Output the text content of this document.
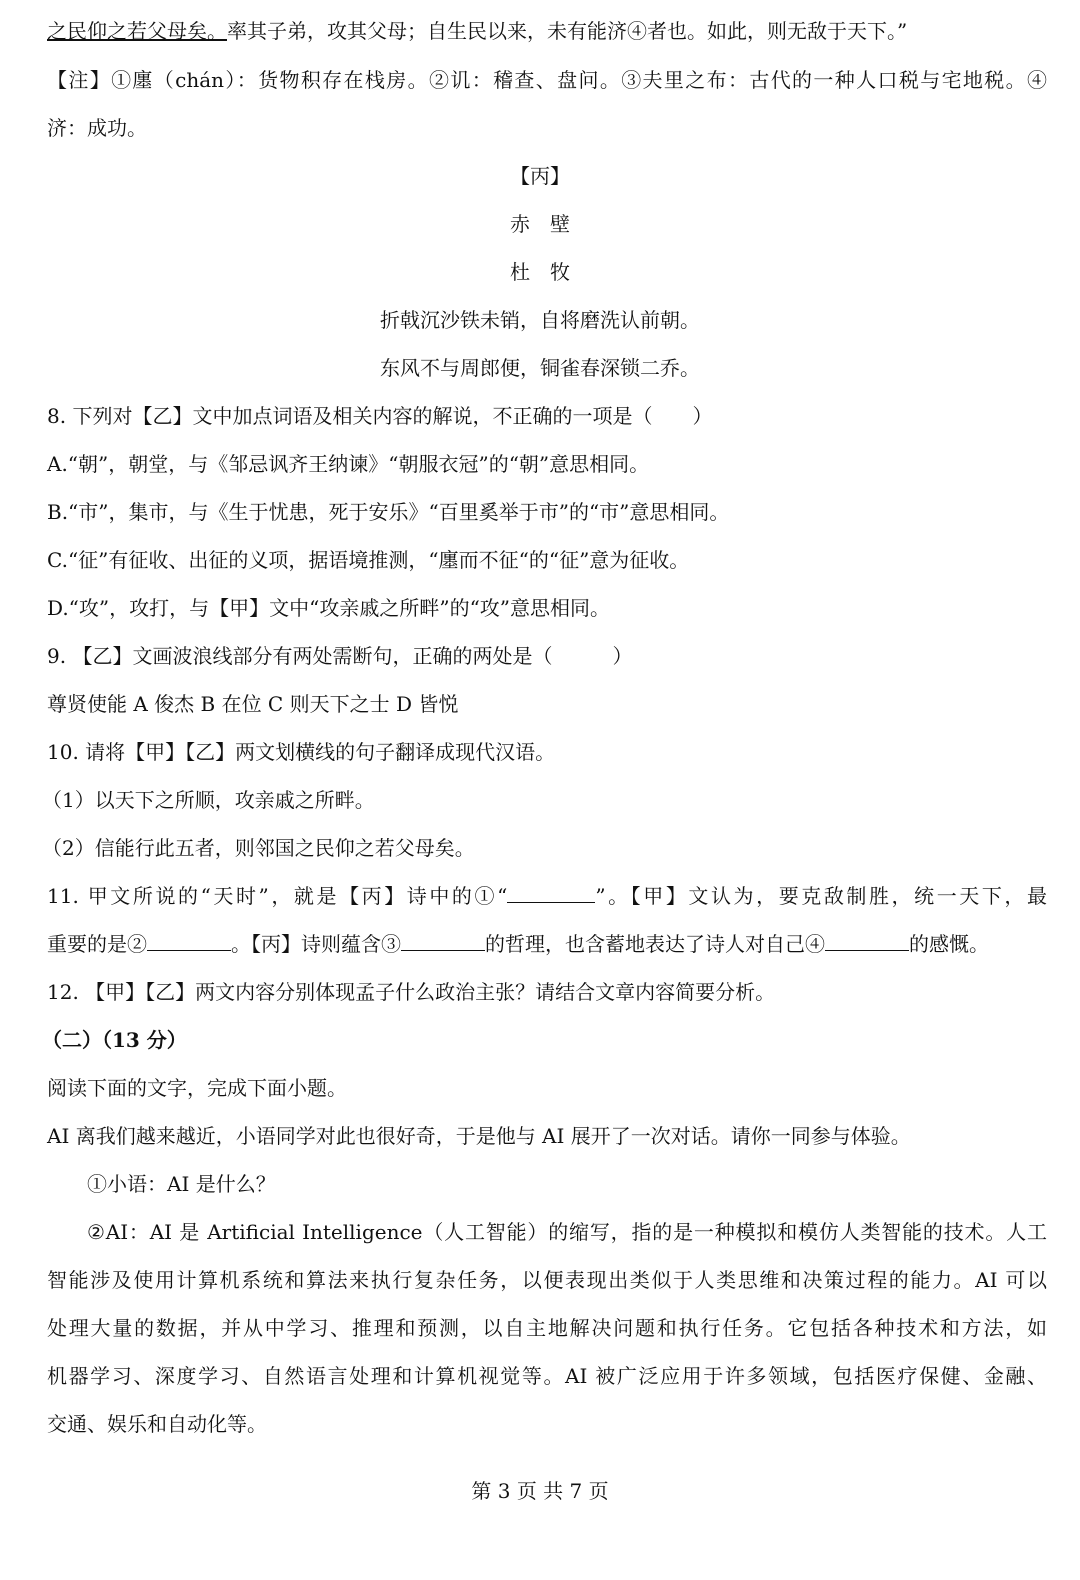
之民仰之若父母矣。率其子弟，攻其父母；自生民以来，未有能济④者也。如此，则无敌于天下。”
【注】①廛（chán）：货物积存在栈房。②讥：稽查、盘问。③夫里之布：古代的一种人口税与宅地税。④
济：成功。
【丙】
赤　壁
杜　牧
折戟沉沙铁未销，自将磨洗认前朝。
东风不与周郎便，铜雀春深锁二乔。
8. 下列对【乙】文中加点词语及相关内容的解说，不正确的一项是（　　）
A.“朝”，朝堂，与《邹忌讽齐王纳谏》“朝服衣冠”的“朝”意思相同。
B.“市”，集市，与《生于忧患，死于安乐》“百里奚举于市”的“市”意思相同。
C.“征”有征收、出征的义项，据语境推测，“廛而不征“的“征”意为征收。
D.“攻”，攻打，与【甲】文中“攻亲戚之所畔”的“攻”意思相同。
9. 【乙】文画波浪线部分有两处需断句，正确的两处是（　　　）
尊贤使能 A 俊杰 B 在位 C 则天下之士 D 皆悦
10. 请将【甲】【乙】两文划横线的句子翻译成现代汉语。
（1）以天下之所顺，攻亲戚之所畔。
（2）信能行此五者，则邻国之民仰之若父母矣。
11. 甲文所说的“天时”，就是【丙】诗中的①“	”。【甲】文认为，要克敌制胜，统一天下，最
重要的是②	。【丙】诗则蕴含③	的哲理，也含蓄地表达了诗人对自己④	的感慨。
12. 【甲】【乙】两文内容分别体现孟子什么政治主张？请结合文章内容简要分析。
（二）（13 分）
阅读下面的文字，完成下面小题。
AI 离我们越来越近，小语同学对此也很好奇，于是他与 AI 展开了一次对话。请你一同参与体验。
①小语：AI 是什么？
②AI：AI 是 Artificial Intelligence（人工智能）的缩写，指的是一种模拟和模仿人类智能的技术。人工
智能涉及使用计算机系统和算法来执行复杂任务，以便表现出类似于人类思维和决策过程的能力。AI 可以
处理大量的数据，并从中学习、推理和预测，以自主地解决问题和执行任务。它包括各种技术和方法，如
机器学习、深度学习、自然语言处理和计算机视觉等。AI 被广泛应用于许多领域，包括医疗保健、金融、
交通、娱乐和自动化等。
第 3 页 共 7 页
